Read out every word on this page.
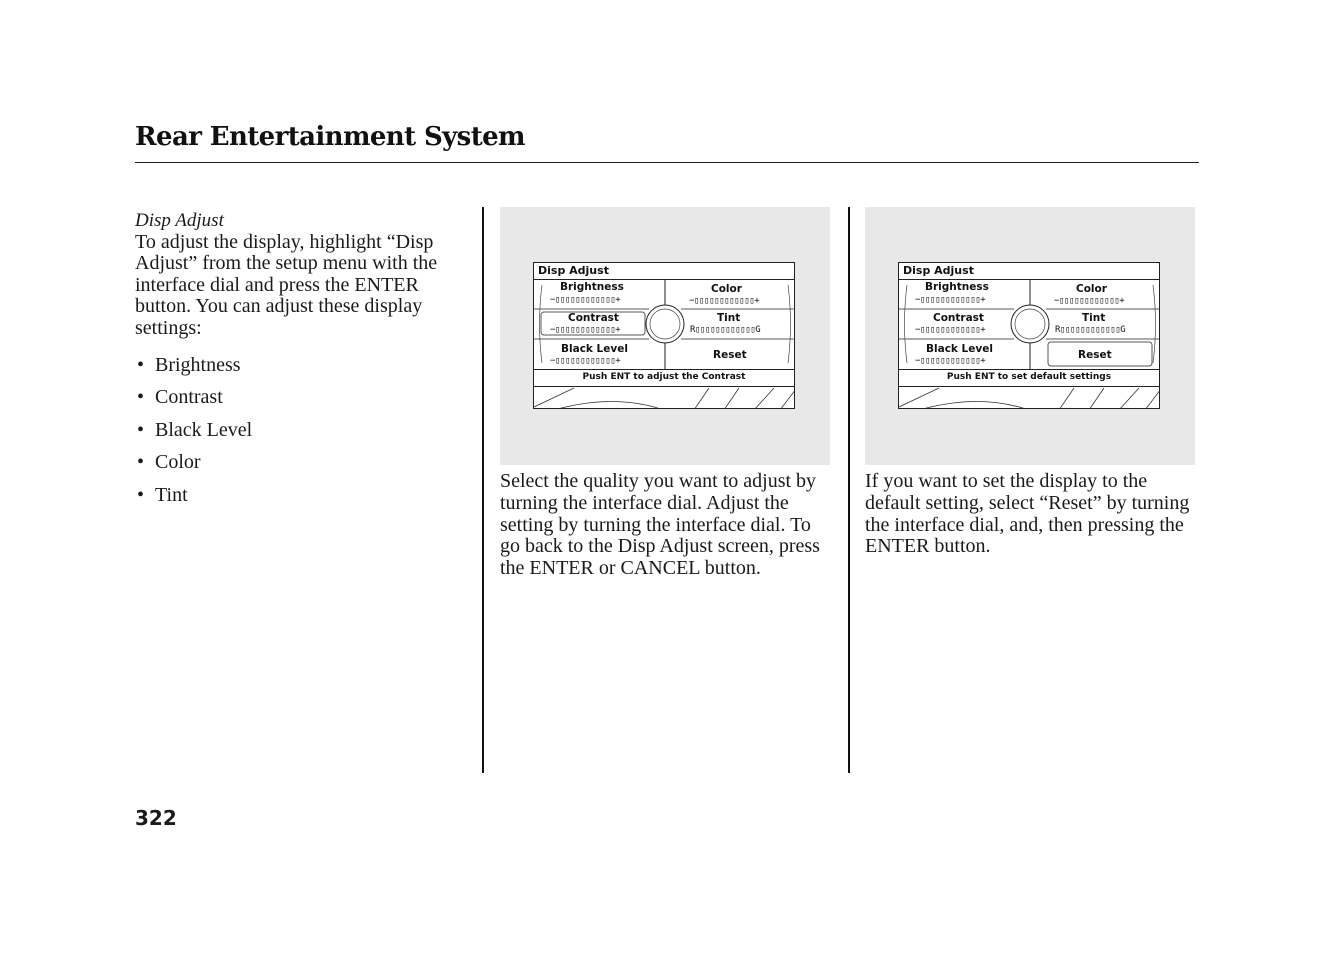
Rear Entertainment System
Disp Adjust

To adjust the display, highlight “Disp Adjust” from the setup menu with the interface dial and press the ENTER button. You can adjust these display settings:

• Brightness
• Contrast
• Black Level
• Color
• Tint
Disp Adjust
Brightness
−▯▯▯▯▯▯▯▯▯▯▯▯+
Contrast
−▯▯▯▯▯▯▯▯▯▯▯▯+
Black Level
−▯▯▯▯▯▯▯▯▯▯▯▯+
Color
−▯▯▯▯▯▯▯▯▯▯▯▯+
Tint
R▯▯▯▯▯▯▯▯▯▯▯▯G
Reset
Push ENT to adjust the Contrast
Disp Adjust
Brightness
−▯▯▯▯▯▯▯▯▯▯▯▯+
Contrast
−▯▯▯▯▯▯▯▯▯▯▯▯+
Black Level
−▯▯▯▯▯▯▯▯▯▯▯▯+
Color
−▯▯▯▯▯▯▯▯▯▯▯▯+
Tint
R▯▯▯▯▯▯▯▯▯▯▯▯G
Reset
Push ENT to set default settings

Select the quality you want to adjust by turning the interface dial. Adjust the setting by turning the interface dial. To go back to the Disp Adjust screen, press the ENTER or CANCEL button.

If you want to set the display to the default setting, select “Reset” by turning the interface dial, and, then pressing the ENTER button.

322
